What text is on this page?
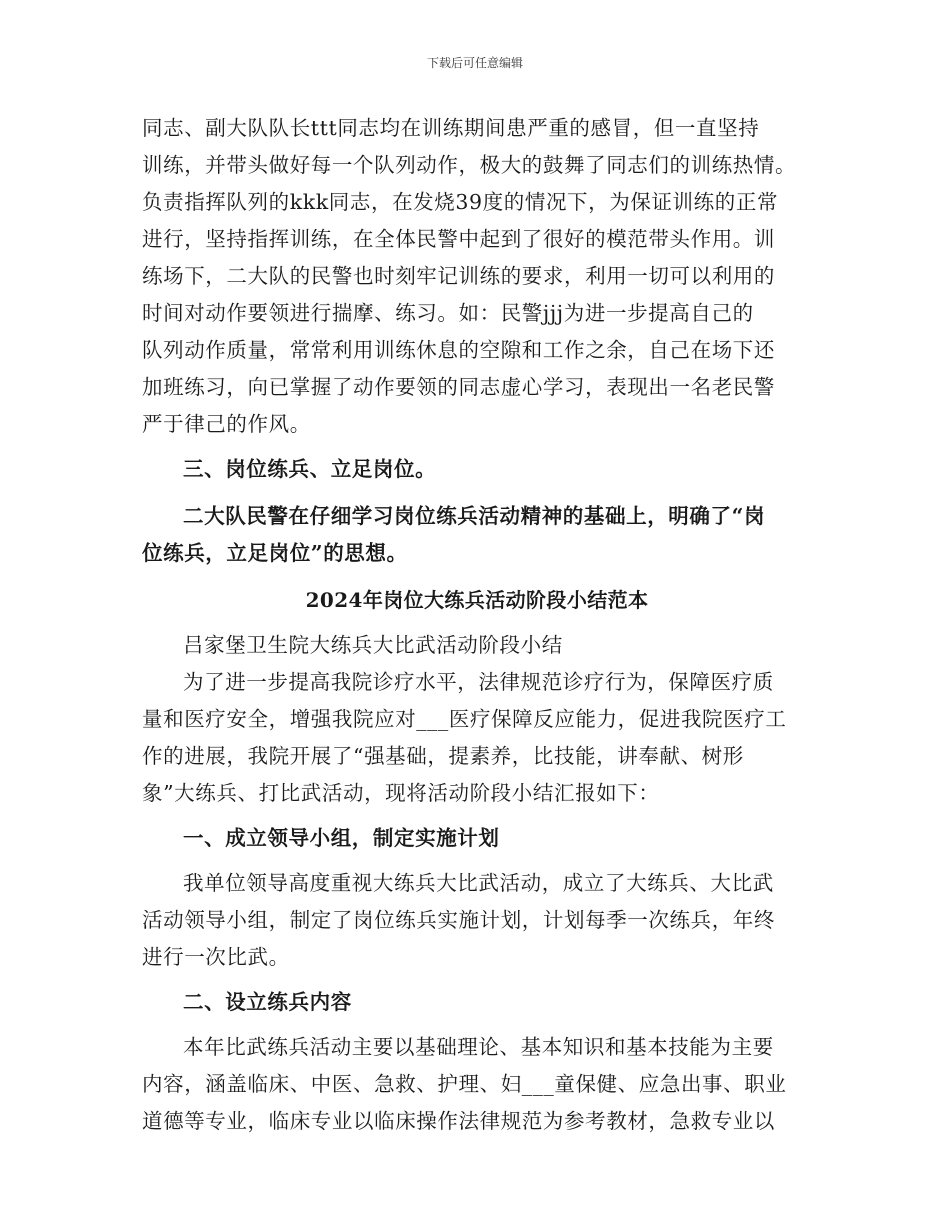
下载后可任意编辑
同志、副大队队长ttt同志均在训练期间患严重的感冒，但一直坚持
训练，并带头做好每一个队列动作，极大的鼓舞了同志们的训练热情。
负责指挥队列的kkk同志，在发烧39度的情况下，为保证训练的正常
进行，坚持指挥训练，在全体民警中起到了很好的模范带头作用。训
练场下，二大队的民警也时刻牢记训练的要求，利用一切可以利用的
时间对动作要领进行揣摩、练习。如：民警jjj为进一步提高自己的
队列动作质量，常常利用训练休息的空隙和工作之余，自己在场下还
加班练习，向已掌握了动作要领的同志虚心学习，表现出一名老民警
严于律己的作风。
三、岗位练兵、立足岗位。
二大队民警在仔细学习岗位练兵活动精神的基础上，明确了“岗
位练兵，立足岗位”的思想。
2024年岗位大练兵活动阶段小结范本
吕家堡卫生院大练兵大比武活动阶段小结
为了进一步提高我院诊疗水平，法律规范诊疗行为，保障医疗质
量和医疗安全，增强我院应对___医疗保障反应能力，促进我院医疗工
作的进展，我院开展了“强基础，提素养，比技能，讲奉献、树形
象”大练兵、打比武活动，现将活动阶段小结汇报如下：
一、成立领导小组，制定实施计划
我单位领导高度重视大练兵大比武活动，成立了大练兵、大比武
活动领导小组，制定了岗位练兵实施计划，计划每季一次练兵，年终
进行一次比武。
二、设立练兵内容
本年比武练兵活动主要以基础理论、基本知识和基本技能为主要
内容，涵盖临床、中医、急救、护理、妇___童保健、应急出事、职业
道德等专业，临床专业以临床操作法律规范为参考教材，急救专业以
